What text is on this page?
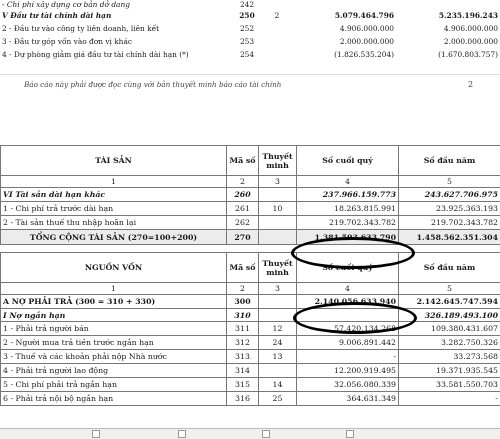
- Chi phí xây dựng cơ bản dở dang	242			
V Đầu tư tài chính dài hạn	250	2	5.079.464.796	5.235.196.243
2 - Đầu tư vào công ty liên doanh, liên kết	252		4.906.000.000	4.906.000.000
3 - Đầu tư góp vốn vào đơn vị khác	253		2.000.000.000	2.000.000.000
4 - Dự phòng giảm giá đầu tư tài chính dài hạn (*)	254		(1.826.535.204)	(1.670.803.757)
Báo cáo này phải được đọc cùng với bản thuyết minh báo cáo tài chính	2
TÀI SẢN	Mã số	Thuyết minh	Số cuối quý	Số đầu năm
1	2	3	4	5
VI Tài sản dài hạn khác	260		237.966.159.773	243.627.706.975
1 - Chi phí trả trước dài hạn	261	10	18.263.815.991	23.925.363.193
2 - Tài sản thuế thu nhập hoãn lại	262		219.702.343.782	219.702.343.782
TỔNG CỘNG TÀI SẢN (270=100+200)	270		1.381.593.633.790	1.458.562.351.304
NGUỒN VỐN	Mã số	Thuyết minh	Số cuối quý	Số đầu năm
1	2	3	4	5
A NỢ PHẢI TRẢ (300 = 310 + 330)	300		2.140.056.633.940	2.142.645.747.594
I Nợ ngắn hạn	310			326.189.493.100
1 - Phải trả người bán	311	12	57.420.134.268	109.380.431.607
2 - Người mua trả tiền trước ngắn hạn	312	24	9.006.891.442	3.282.750.326
3 - Thuế và các khoản phải nộp Nhà nước	313	13	-	33.273.568
4 - Phải trả người lao động	314		12.200.919.495	19.371.935.545
5 - Chi phí phải trả ngắn hạn	315	14	32.056.080.339	33.581.550.703
6 - Phải trả nội bộ ngắn hạn	316	25	364.631.349	-
